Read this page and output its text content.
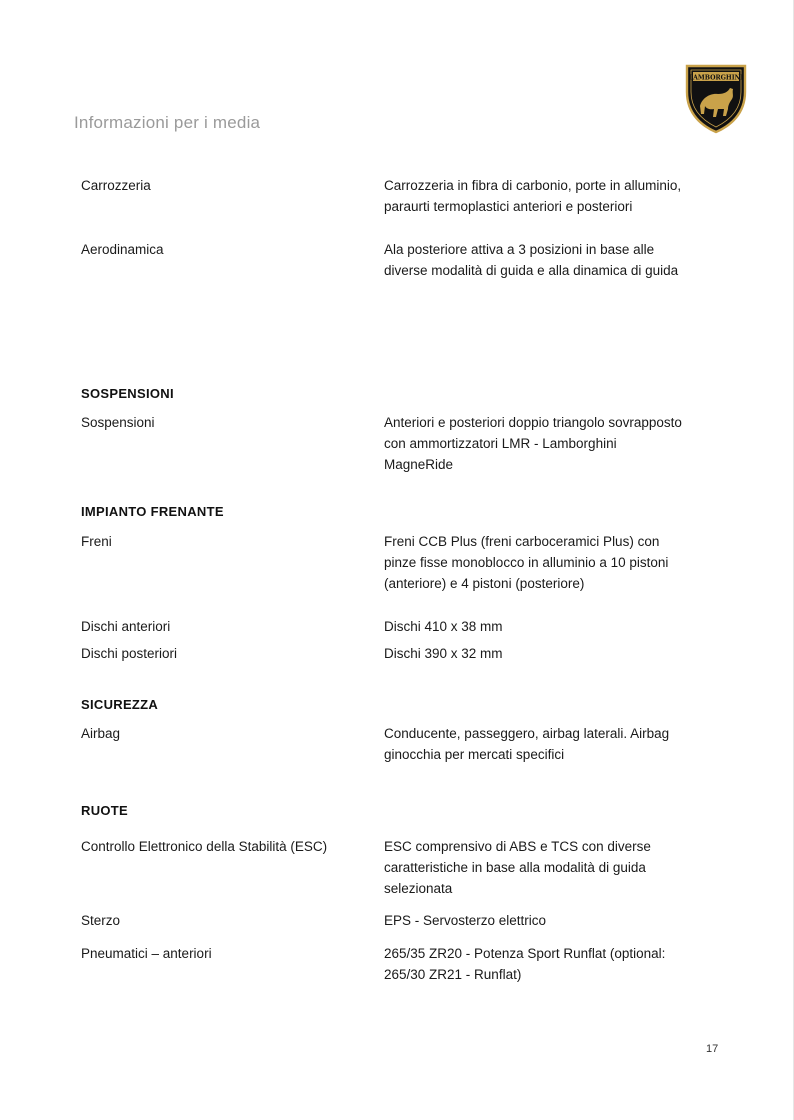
Informazioni per i media
LAMBORGHINI
Carrozzeria	Carrozzeria in fibra di carbonio, porte in alluminio, paraurti termoplastici anteriori e posteriori
Aerodinamica	Ala posteriore attiva a 3 posizioni in base alle diverse modalità di guida e alla dinamica di guida
SOSPENSIONI
Sospensioni	Anteriori e posteriori doppio triangolo sovrapposto con ammortizzatori LMR - Lamborghini MagneRide
IMPIANTO FRENANTE
Freni	Freni CCB Plus (freni carboceramici Plus) con pinze fisse monoblocco in alluminio a 10 pistoni (anteriore) e 4 pistoni (posteriore)
Dischi anteriori	Dischi 410 x 38 mm
Dischi posteriori	Dischi 390 x 32 mm
SICUREZZA
Airbag	Conducente, passeggero, airbag laterali. Airbag ginocchia per mercati specifici
RUOTE
Controllo Elettronico della Stabilità (ESC)	ESC comprensivo di ABS e TCS con diverse caratteristiche in base alla modalità di guida selezionata
Sterzo	EPS - Servosterzo elettrico
Pneumatici – anteriori	265/35 ZR20 - Potenza Sport Runflat (optional: 265/30 ZR21 - Runflat)
17
